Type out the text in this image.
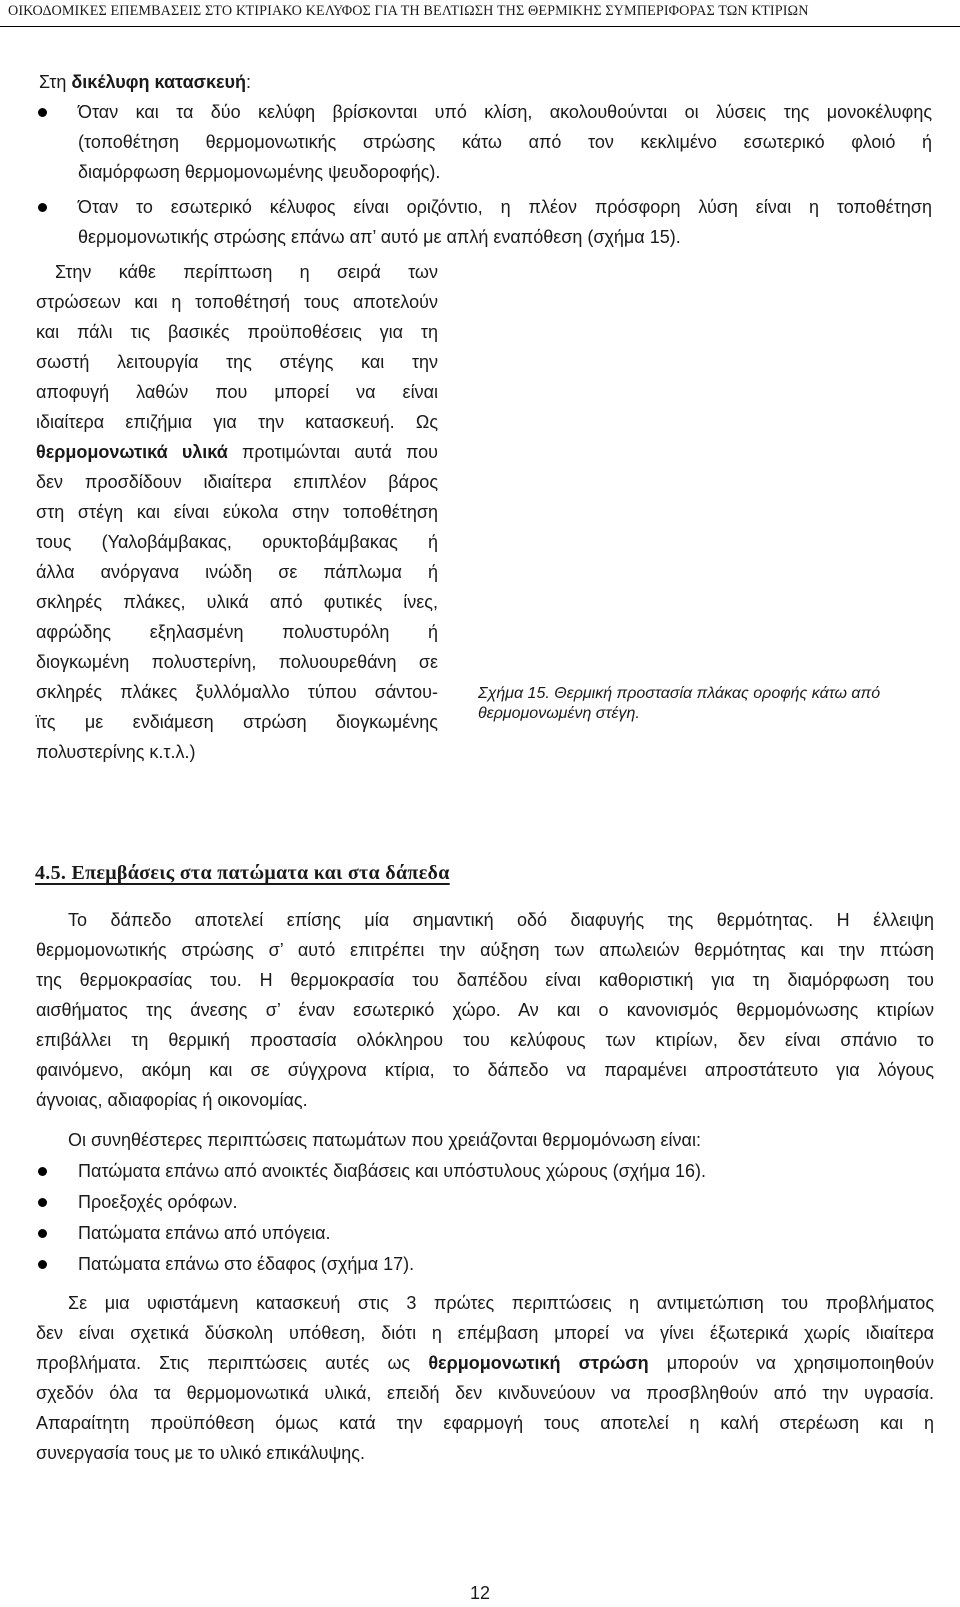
ΟΙΚΟΔΟΜΙΚΕΣ ΕΠΕΜΒΑΣΕΙΣ ΣΤΟ ΚΤΙΡΙΑΚΟ ΚΕΛΥΦΟΣ ΓΙΑ ΤΗ ΒΕΛΤΙΩΣΗ ΤΗΣ ΘΕΡΜΙΚΗΣ ΣΥΜΠΕΡΙΦΟΡΑΣ ΤΩΝ ΚΤΙΡΙΩΝ
Στη δικέλυφη κατασκευή:
Όταν και τα δύο κελύφη βρίσκονται υπό κλίση, ακολουθούνται οι λύσεις της μονοκέλυφης
(τοποθέτηση θερμομονωτικής στρώσης κάτω από τον κεκλιμένο εσωτερικό φλοιό ή
διαμόρφωση θερμομονωμένης ψευδοροφής).
Όταν το εσωτερικό κέλυφος είναι οριζόντιο, η πλέον πρόσφορη λύση είναι η τοποθέτηση
θερμομονωτικής στρώσης επάνω απ’ αυτό με απλή εναπόθεση (σχήμα 15).
Στην κάθε περίπτωση η σειρά των
στρώσεων και η τοποθέτησή τους αποτελούν
και πάλι τις βασικές προϋποθέσεις για τη
σωστή λειτουργία της στέγης και την
αποφυγή λαθών που μπορεί να είναι
ιδιαίτερα επιζήμια για την κατασκευή. Ως
θερμομονωτικά υλικά προτιμώνται αυτά που
δεν προσδίδουν ιδιαίτερα επιπλέον βάρος
στη στέγη και είναι εύκολα στην τοποθέτηση
τους (Υαλοβάμβακας, ορυκτοβάμβακας ή
άλλα ανόργανα ινώδη σε πάπλωμα ή
σκληρές πλάκες, υλικά από φυτικές ίνες,
αφρώδης εξηλασμένη πολυστυρόλη ή
διογκωμένη πολυστερίνη, πολυουρεθάνη σε
σκληρές πλάκες ξυλλόμαλλο τύπου σάντου-
ϊτς με ενδιάμεση στρώση διογκωμένης
πολυστερίνης κ.τ.λ.)
Σχήμα 15. Θερμική προστασία πλάκας οροφής κάτω από θερμομονωμένη στέγη.
4.5. Επεμβάσεις στα πατώματα και στα δάπεδα
Το δάπεδο αποτελεί επίσης μία σημαντική οδό διαφυγής της θερμότητας. Η έλλειψη
θερμομονωτικής στρώσης σ’ αυτό επιτρέπει την αύξηση των απωλειών θερμότητας και την πτώση
της θερμοκρασίας του. Η θερμοκρασία του δαπέδου είναι καθοριστική για τη διαμόρφωση του
αισθήματος της άνεσης σ’ έναν εσωτερικό χώρο. Αν και ο κανονισμός θερμομόνωσης κτιρίων
επιβάλλει τη θερμική προστασία ολόκληρου του κελύφους των κτιρίων, δεν είναι σπάνιο το
φαινόμενο, ακόμη και σε σύγχρονα κτίρια, το δάπεδο να παραμένει απροστάτευτο για λόγους
άγνοιας, αδιαφορίας ή οικονομίας.
Οι συνηθέστερες περιπτώσεις πατωμάτων που χρειάζονται θερμομόνωση είναι:
Πατώματα επάνω από ανοικτές διαβάσεις και υπόστυλους χώρους (σχήμα 16).
Προεξοχές ορόφων.
Πατώματα επάνω από υπόγεια.
Πατώματα επάνω στο έδαφος (σχήμα 17).
Σε μια υφιστάμενη κατασκευή στις 3 πρώτες περιπτώσεις η αντιμετώπιση του προβλήματος
δεν είναι σχετικά δύσκολη υπόθεση, διότι η επέμβαση μπορεί να γίνει έξωτερικά χωρίς ιδιαίτερα
προβλήματα. Στις περιπτώσεις αυτές ως θερμομονωτική στρώση μπορούν να χρησιμοποιηθούν
σχεδόν όλα τα θερμομονωτικά υλικά, επειδή δεν κινδυνεύουν να προσβληθούν από την υγρασία.
Απαραίτητη προϋπόθεση όμως κατά την εφαρμογή τους αποτελεί η καλή στερέωση και η
συνεργασία τους με το υλικό επικάλυψης.
12
